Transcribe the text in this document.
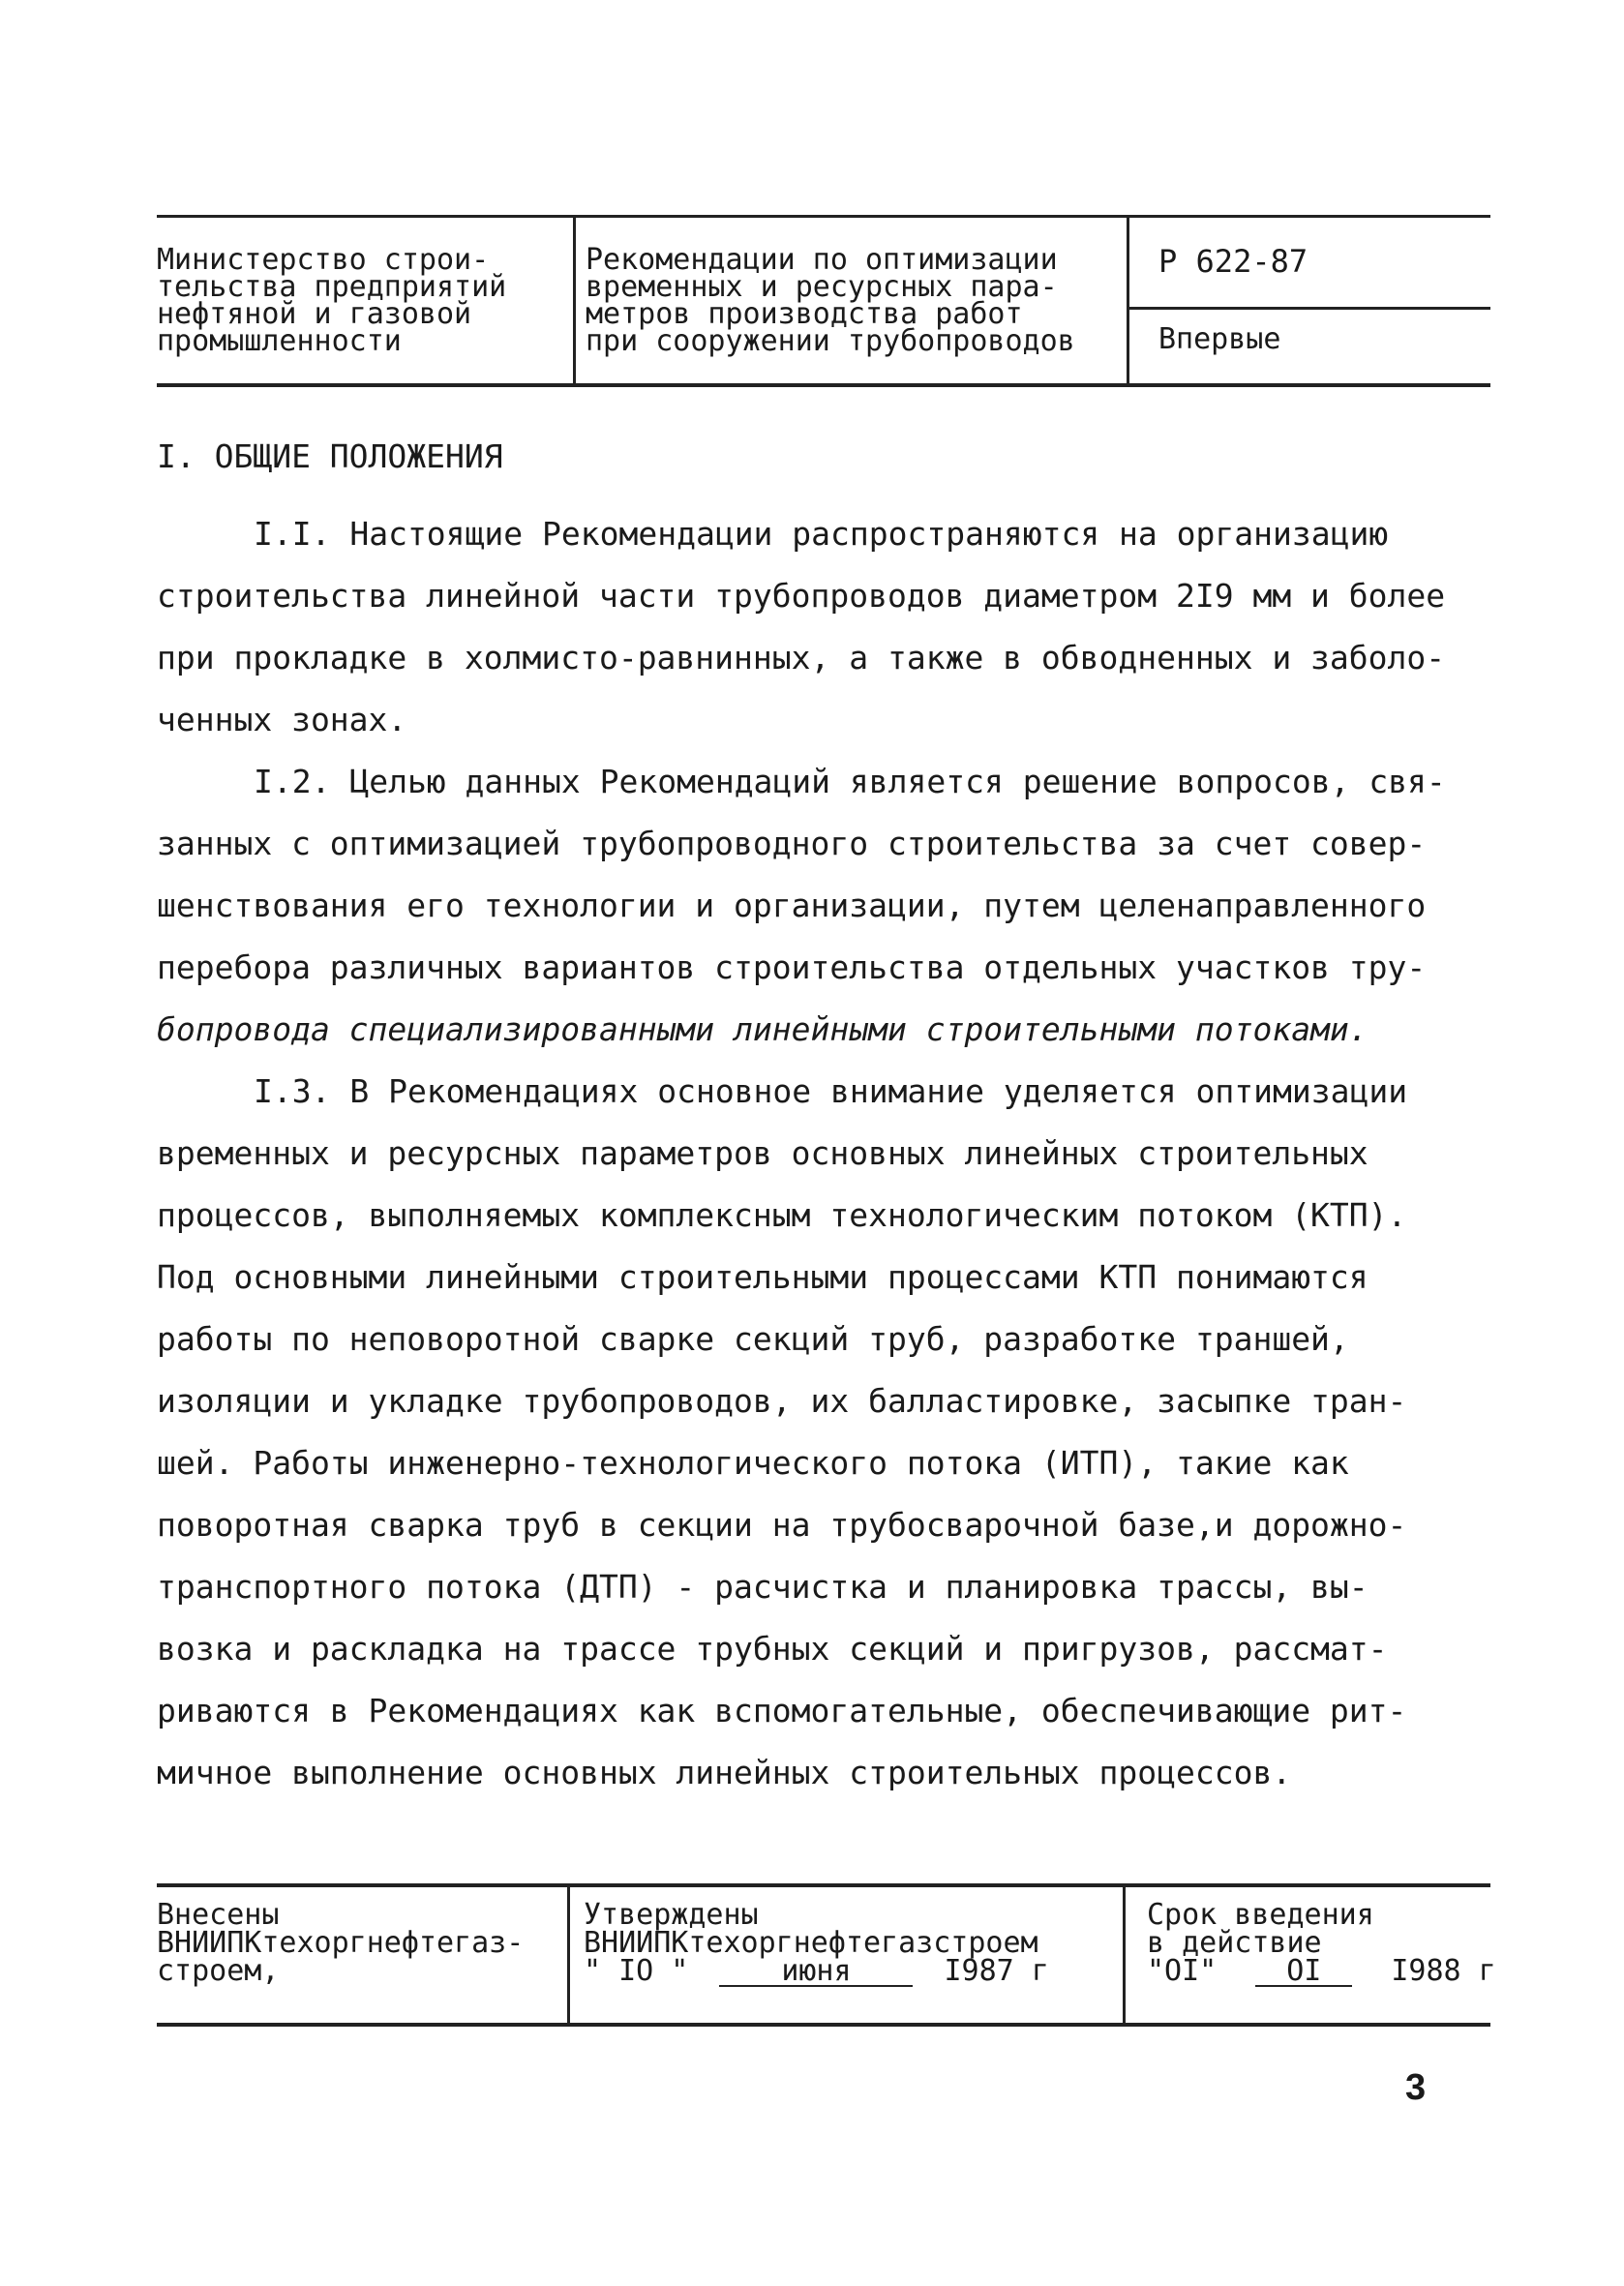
Министерство строи-
тельства предприятий
нефтяной и газовой
промышленности
Рекомендации по оптимизации
временных и ресурсных пара-
метров производства работ
при сооружении трубопроводов
Р 622-87
Впервые
I. ОБЩИЕ ПОЛОЖЕНИЯ
I.I. Настоящие Рекомендации распространяются на организацию
строительства линейной части трубопроводов диаметром 2I9 мм и более
при прокладке в холмисто-равнинных, а также в обводненных и заболо-
ченных зонах.
I.2. Целью данных Рекомендаций является решение вопросов, свя-
занных с оптимизацией трубопроводного строительства за счет совер-
шенствования его технологии и организации, путем целенаправленного
перебора различных вариантов строительства отдельных участков тру-
бопровода специализированными линейными строительными потоками.
I.3. В Рекомендациях основное внимание уделяется оптимизации
временных и ресурсных параметров основных линейных строительных
процессов, выполняемых комплексным технологическим потоком (КТП).
Под основными линейными строительными процессами КТП понимаются
работы по неповоротной сварке секций труб, разработке траншей,
изоляции и укладке трубопроводов, их балластировке, засыпке тран-
шей. Работы инженерно-технологического потока (ИТП), такие как
поворотная сварка труб в секции на трубосварочной базе,и дорожно-
транспортного потока (ДТП) - расчистка и планировка трассы, вы-
возка и раскладка на трассе трубных секций и пригрузов, рассмат-
риваются в Рекомендациях как вспомогательные, обеспечивающие рит-
мичное выполнение основных линейных строительных процессов.
Внесены
ВНИИПКтехоргнефтегаз-
строем,
Утверждены
ВНИИПКтехоргнефтегазстроем
" IO "	июня	I987 г
Срок введения
в действие
"OI" OI I988 г
3
